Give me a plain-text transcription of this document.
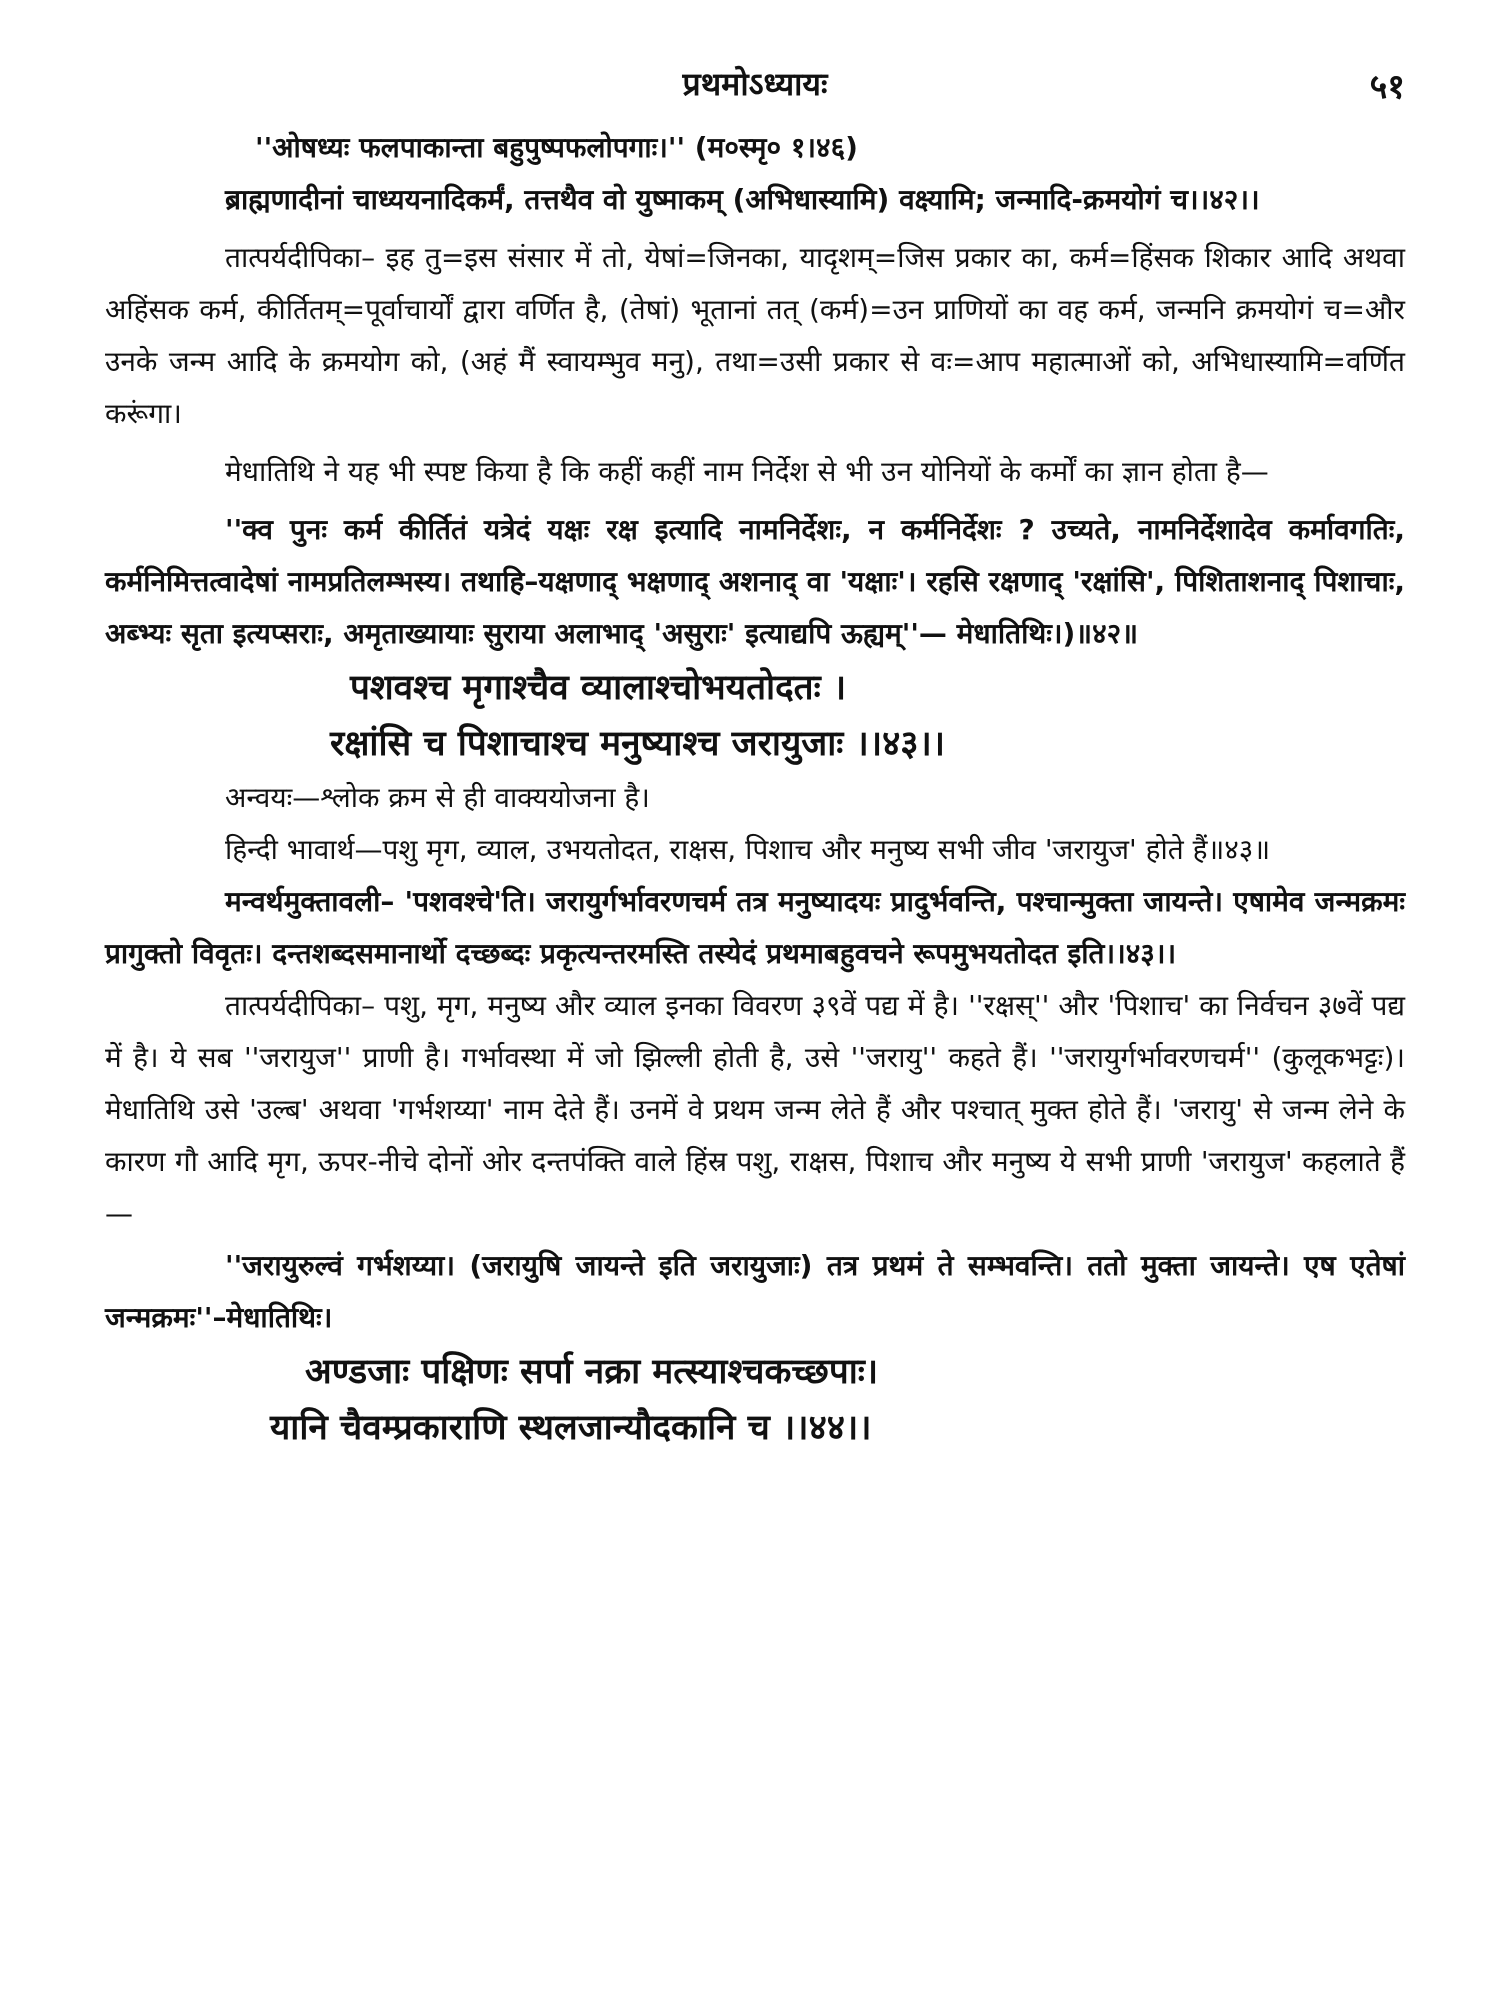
प्रथमोऽध्यायः	५१

''ओषध्यः फलपाकान्ता बहुपुष्पफलोपगाः।'' (म०स्मृ० १।४६)

ब्राह्मणादीनां चाध्ययनादिकर्मं, तत्तथैव वो युष्माकम् (अभिधास्यामि) वक्ष्यामि; जन्मादि-क्रमयोगं च।।४२।।

तात्पर्यदीपिका– इह तु=इस संसार में तो, येषां=जिनका, यादृशम्=जिस प्रकार का, कर्म=हिंसक शिकार आदि अथवा अहिंसक कर्म, कीर्तितम्=पूर्वाचार्यों द्वारा वर्णित है, (तेषां) भूतानां तत् (कर्म)=उन प्राणियों का वह कर्म, जन्मनि क्रमयोगं च=और उनके जन्म आदि के क्रमयोग को, (अहं मैं स्वायम्भुव मनु), तथा=उसी प्रकार से वः=आप महात्माओं को, अभिधास्यामि=वर्णित करूंगा।

मेधातिथि ने यह भी स्पष्ट किया है कि कहीं कहीं नाम निर्देश से भी उन योनियों के कर्मों का ज्ञान होता है—

''क्व पुनः कर्म कीर्तितं यत्रेदं यक्षः रक्ष इत्यादि नामनिर्देशः, न कर्मनिर्देशः ? उच्यते, नामनिर्देशादेव कर्मावगतिः, कर्मनिमित्तत्वादेषां नामप्रतिलम्भस्य। तथाहि–यक्षणाद् भक्षणाद् अशनाद् वा 'यक्षाः'। रहसि रक्षणाद् 'रक्षांसि', पिशिताशनाद् पिशाचाः, अब्भ्यः सृता इत्यप्सराः, अमृताख्यायाः सुराया अलाभाद् 'असुराः' इत्याद्यपि ऊह्यम्''— मेधातिथिः।)॥४२॥

पशवश्च मृगाश्चैव व्यालाश्चोभयतोदतः ।
रक्षांसि च पिशाचाश्च मनुष्याश्च जरायुजाः ।।४३।।

अन्वयः—श्लोक क्रम से ही वाक्ययोजना है।

हिन्दी भावार्थ—पशु मृग, व्याल, उभयतोदत, राक्षस, पिशाच और मनुष्य सभी जीव 'जरायुज' होते हैं॥४३॥

मन्वर्थमुक्तावली– 'पशवश्चे'ति। जरायुर्गर्भावरणचर्म तत्र मनुष्यादयः प्रादुर्भवन्ति, पश्चान्मुक्ता जायन्ते। एषामेव जन्मक्रमः प्रागुक्तो विवृतः। दन्तशब्दसमानार्थो दच्छब्दः प्रकृत्यन्तरमस्ति तस्येदं प्रथमाबहुवचने रूपमुभयतोदत इति।।४३।।

तात्पर्यदीपिका– पशु, मृग, मनुष्य और व्याल इनका विवरण ३९वें पद्य में है। ''रक्षस्'' और 'पिशाच' का निर्वचन ३७वें पद्य में है। ये सब ''जरायुज'' प्राणी है। गर्भावस्था में जो झिल्ली होती है, उसे ''जरायु'' कहते हैं। ''जरायुर्गर्भावरणचर्म'' (कुलूकभट्टः)। मेधातिथि उसे 'उल्ब' अथवा 'गर्भशय्या' नाम देते हैं। उनमें वे प्रथम जन्म लेते हैं और पश्चात् मुक्त होते हैं। 'जरायु' से जन्म लेने के कारण गौ आदि मृग, ऊपर-नीचे दोनों ओर दन्तपंक्ति वाले हिंस्र पशु, राक्षस, पिशाच और मनुष्य ये सभी प्राणी 'जरायुज' कहलाते हैं—

''जरायुरुल्वं गर्भशय्या। (जरायुषि जायन्ते इति जरायुजाः) तत्र प्रथमं ते सम्भवन्ति। ततो मुक्ता जायन्ते। एष एतेषां जन्मक्रमः''–मेधातिथिः।

अण्डजाः पक्षिणः सर्पा नक्रा मत्स्याश्चकच्छपाः।
यानि चैवम्प्रकाराणि स्थलजान्यौदकानि च ।।४४।।
